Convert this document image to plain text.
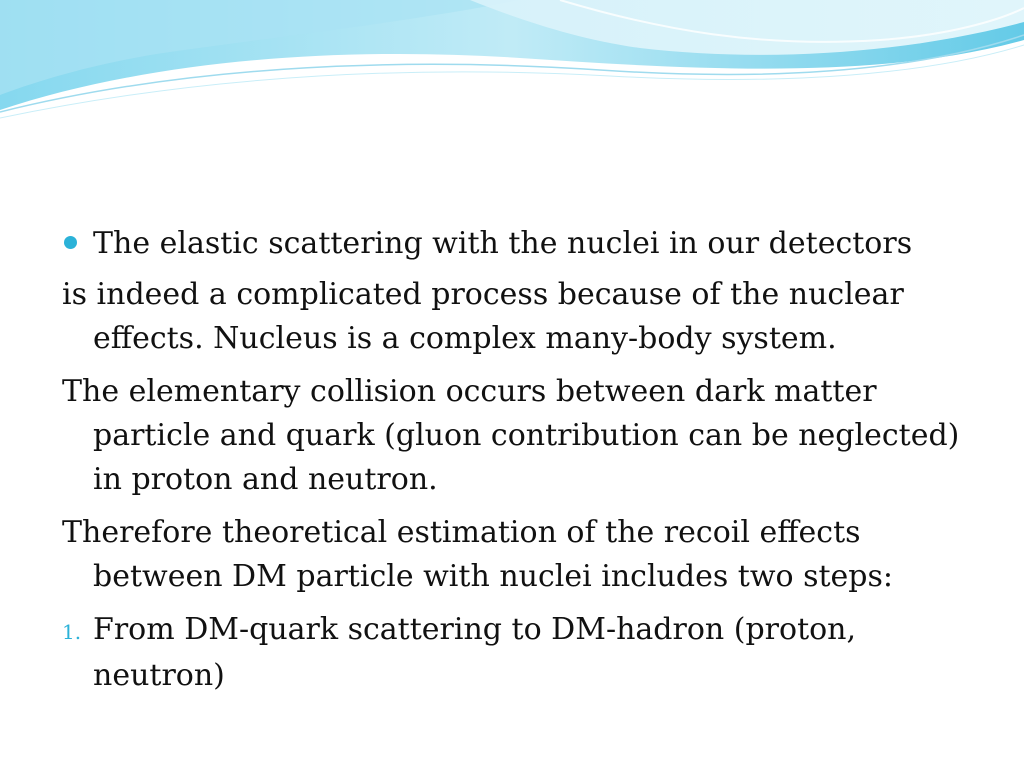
The elastic scattering with the nuclei in our detectors

is indeed a complicated process because of the nuclear effects. Nucleus is a complex many-body system.

The elementary collision occurs between dark matter particle and quark (gluon contribution can be neglected) in proton and neutron.

Therefore theoretical estimation of the recoil effects between DM particle with nuclei includes two steps:

1. From DM-quark scattering to DM-hadron (proton, neutron)
